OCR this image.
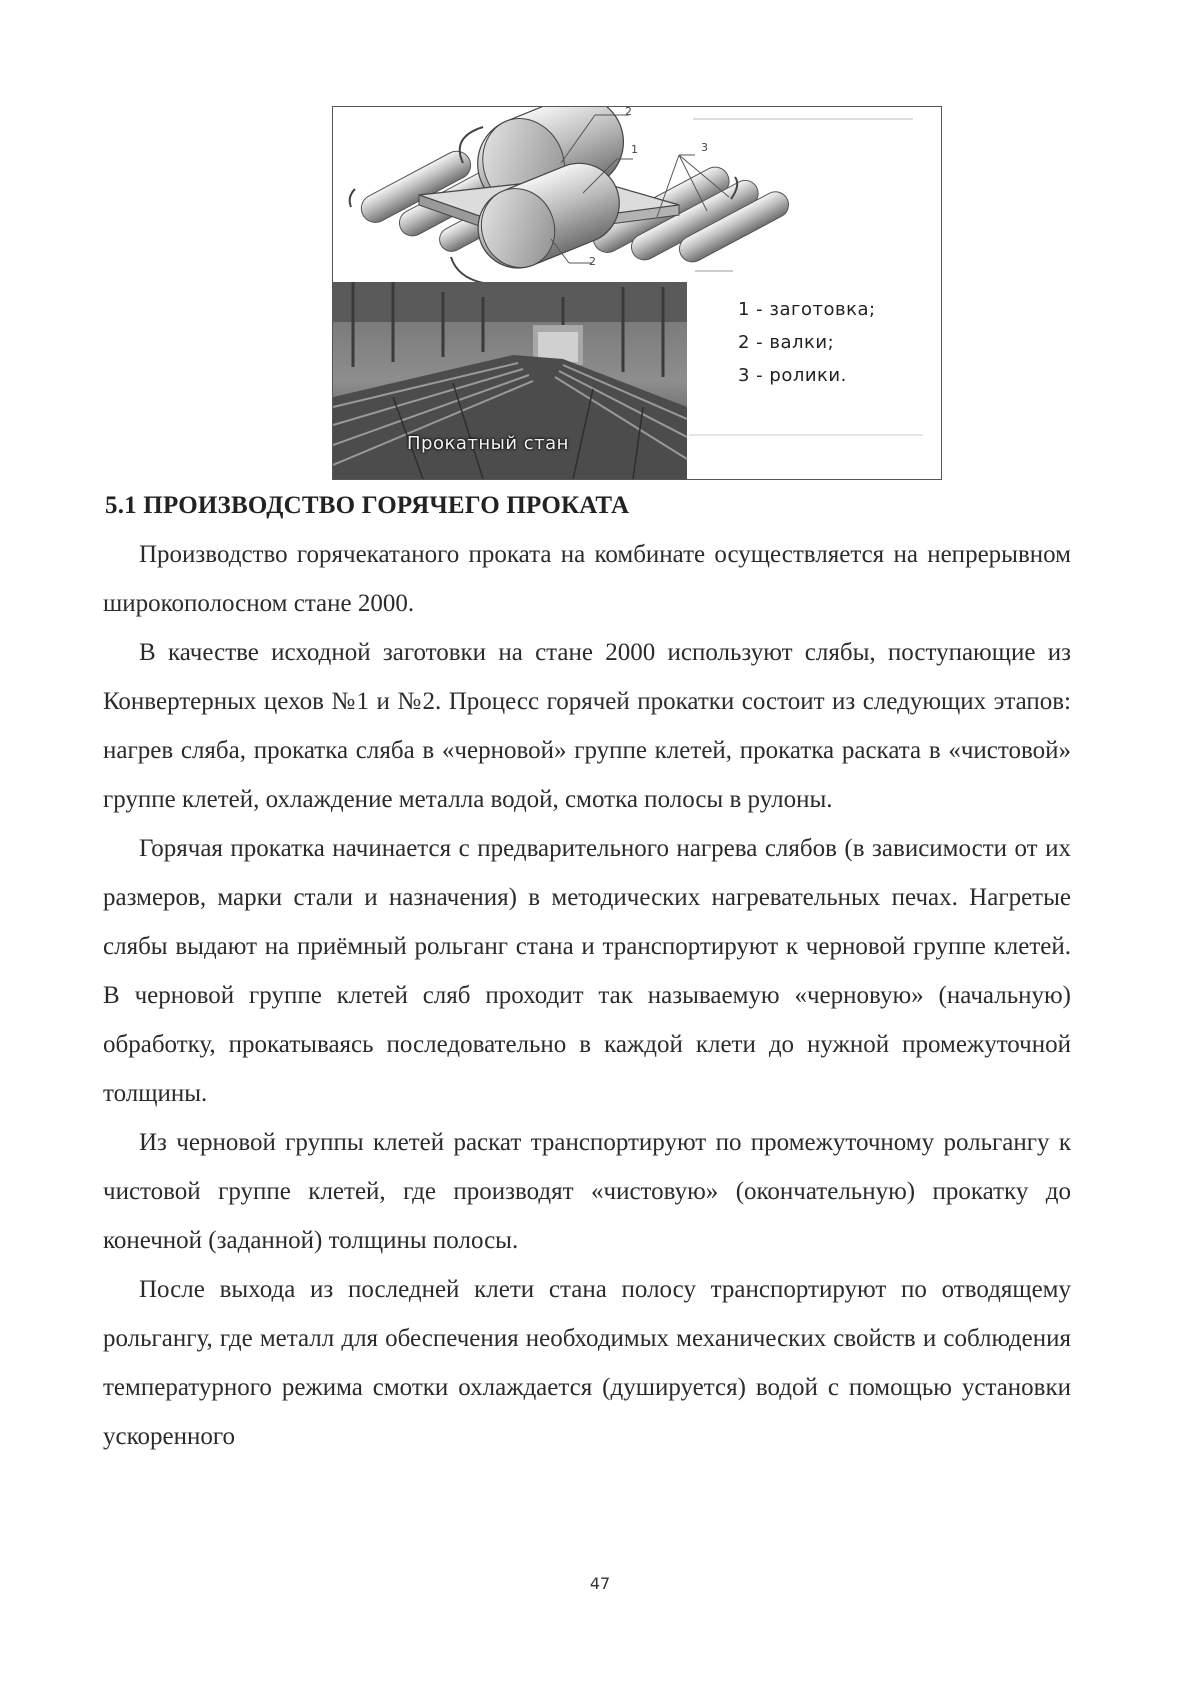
2
1	3
2
1 - заготовка;
2 - валки;
3 - ролики.
Прокатный стан
5.1 ПРОИЗВОДСТВО ГОРЯЧЕГО ПРОКАТА

Производство горячекатаного проката на комбинате осуществляется на непрерывном широкополосном стане 2000.

В качестве исходной заготовки на стане 2000 используют слябы, поступающие из Конвертерных цехов №1 и №2. Процесс горячей прокатки состоит из следующих этапов: нагрев сляба, прокатка сляба в «черновой» группе клетей, прокатка раската в «чистовой» группе клетей, охлаждение металла водой, смотка полосы в рулоны.

Горячая прокатка начинается с предварительного нагрева слябов (в зависимости от их размеров, марки стали и назначения) в методических нагревательных печах. Нагретые слябы выдают на приёмный рольганг стана и транспортируют к черновой группе клетей. В черновой группе клетей сляб проходит так называемую «черновую» (начальную) обработку, прокатываясь последовательно в каждой клети до нужной промежуточной толщины.

Из черновой группы клетей раскат транспортируют по промежуточному рольгангу к чистовой группе клетей, где производят «чистовую» (окончательную) прокатку до конечной (заданной) толщины полосы.

После выхода из последней клети стана полосу транспортируют по отводящему рольгангу, где металл для обеспечения необходимых механических свойств и соблюдения температурного режима смотки охлаждается (душируется) водой с помощью установки ускоренного

47
